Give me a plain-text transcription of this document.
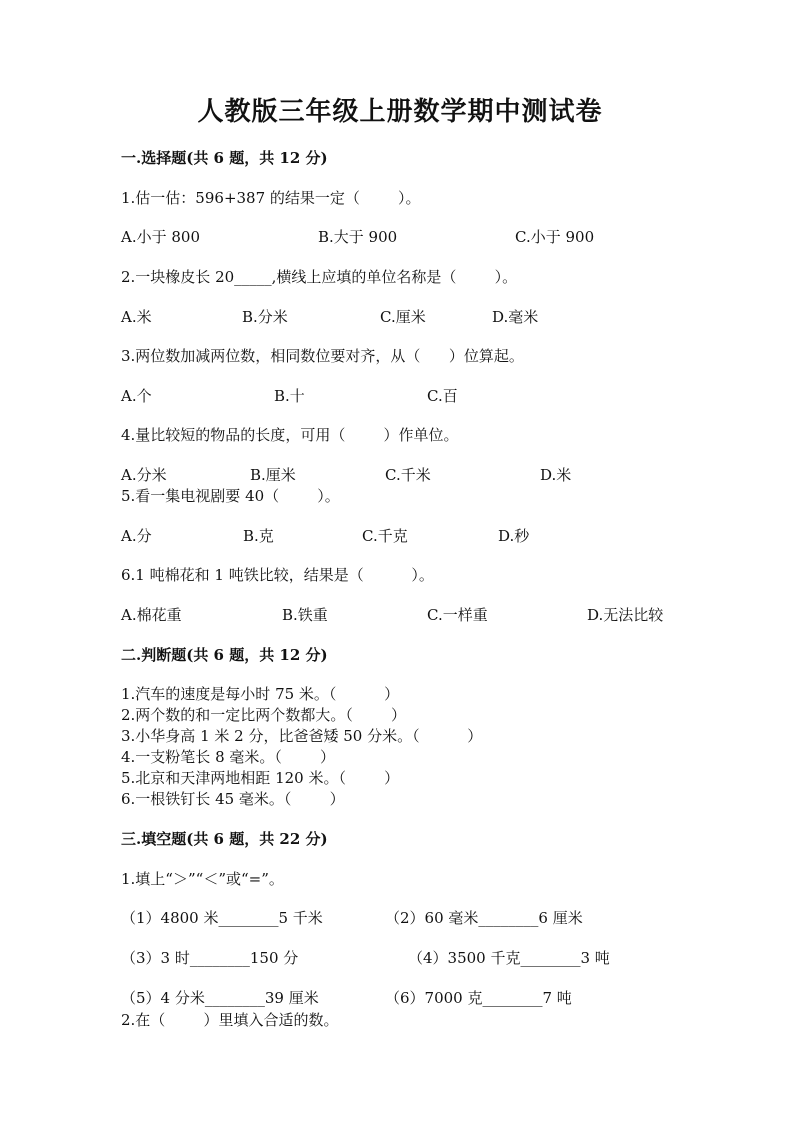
人教版三年级上册数学期中测试卷
一.选择题(共 6 题，共 12 分)
1.估一估：596+387 的结果一定（        ）。
A.小于 800	B.大于 900	C.小于 900
2.一块橡皮长 20_____,横线上应填的单位名称是（        ）。
A.米	B.分米	C.厘米	D.毫米
3.两位数加减两位数，相同数位要对齐，从（      ）位算起。
A.个	B.十	C.百
4.量比较短的物品的长度，可用（        ）作单位。
A.分米	B.厘米	C.千米	D.米
5.看一集电视剧要 40（        ）。
A.分	B.克	C.千克	D.秒
6.1 吨棉花和 1 吨铁比较，结果是（          ）。
A.棉花重	B.铁重	C.一样重	D.无法比较
二.判断题(共 6 题，共 12 分)
1.汽车的速度是每小时 75 米。（          ）
2.两个数的和一定比两个数都大。（        ）
3.小华身高 1 米 2 分，比爸爸矮 50 分米。（          ）
4.一支粉笔长 8 毫米。（        ）
5.北京和天津两地相距 120 米。（        ）
6.一根铁钉长 45 毫米。（        ）
三.填空题(共 6 题，共 22 分)
1.填上“＞”“＜”或“=”。
（1）4800 米________5 千米	（2）60 毫米________6 厘米
（3）3 时________150 分	（4）3500 千克________3 吨
（5）4 分米________39 厘米	（6）7000 克________7 吨
2.在（        ）里填入合适的数。
